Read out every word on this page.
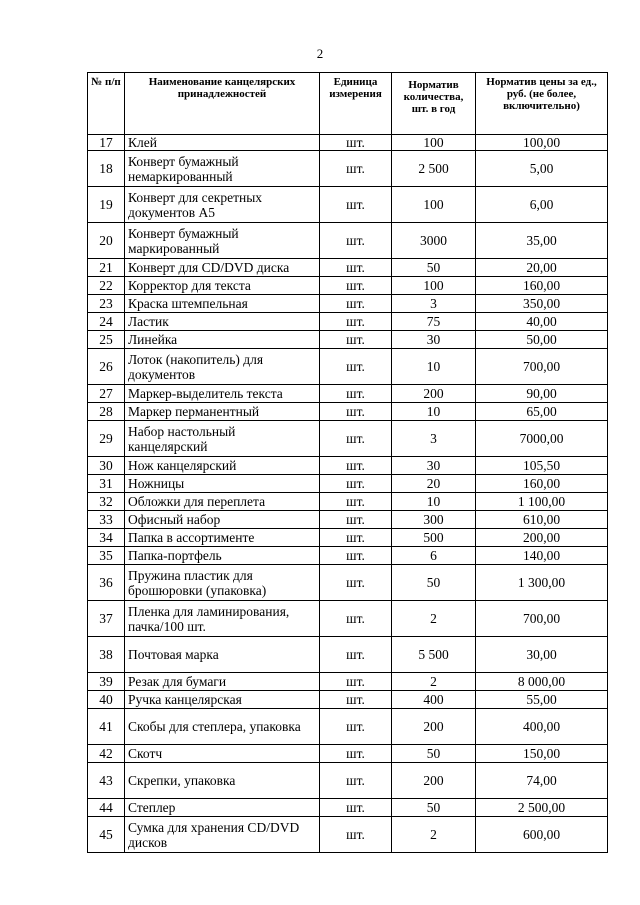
2
№ п/п	Наименование канцелярских принадлежностей	Единица измерения	Норматив количества, шт. в год	Норматив цены за ед., руб. (не более, включительно)
17	Клей	шт.	100	100,00
18	Конверт бумажный немаркированный	шт.	2 500	5,00
19	Конверт для секретных документов А5	шт.	100	6,00
20	Конверт бумажный маркированный	шт.	3000	35,00
21	Конверт для CD/DVD диска	шт.	50	20,00
22	Корректор для текста	шт.	100	160,00
23	Краска штемпельная	шт.	3	350,00
24	Ластик	шт.	75	40,00
25	Линейка	шт.	30	50,00
26	Лоток (накопитель) для документов	шт.	10	700,00
27	Маркер-выделитель текста	шт.	200	90,00
28	Маркер перманентный	шт.	10	65,00
29	Набор настольный канцелярский	шт.	3	7000,00
30	Нож канцелярский	шт.	30	105,50
31	Ножницы	шт.	20	160,00
32	Обложки для переплета	шт.	10	1 100,00
33	Офисный набор	шт.	300	610,00
34	Папка в ассортименте	шт.	500	200,00
35	Папка-портфель	шт.	6	140,00
36	Пружина пластик для брошюровки (упаковка)	шт.	50	1 300,00
37	Пленка для ламинирования, пачка/100 шт.	шт.	2	700,00
38	Почтовая марка	шт.	5 500	30,00
39	Резак для бумаги	шт.	2	8 000,00
40	Ручка канцелярская	шт.	400	55,00
41	Скобы для степлера, упаковка	шт.	200	400,00
42	Скотч	шт.	50	150,00
43	Скрепки, упаковка	шт.	200	74,00
44	Степлер	шт.	50	2 500,00
45	Сумка для хранения CD/DVD дисков	шт.	2	600,00
